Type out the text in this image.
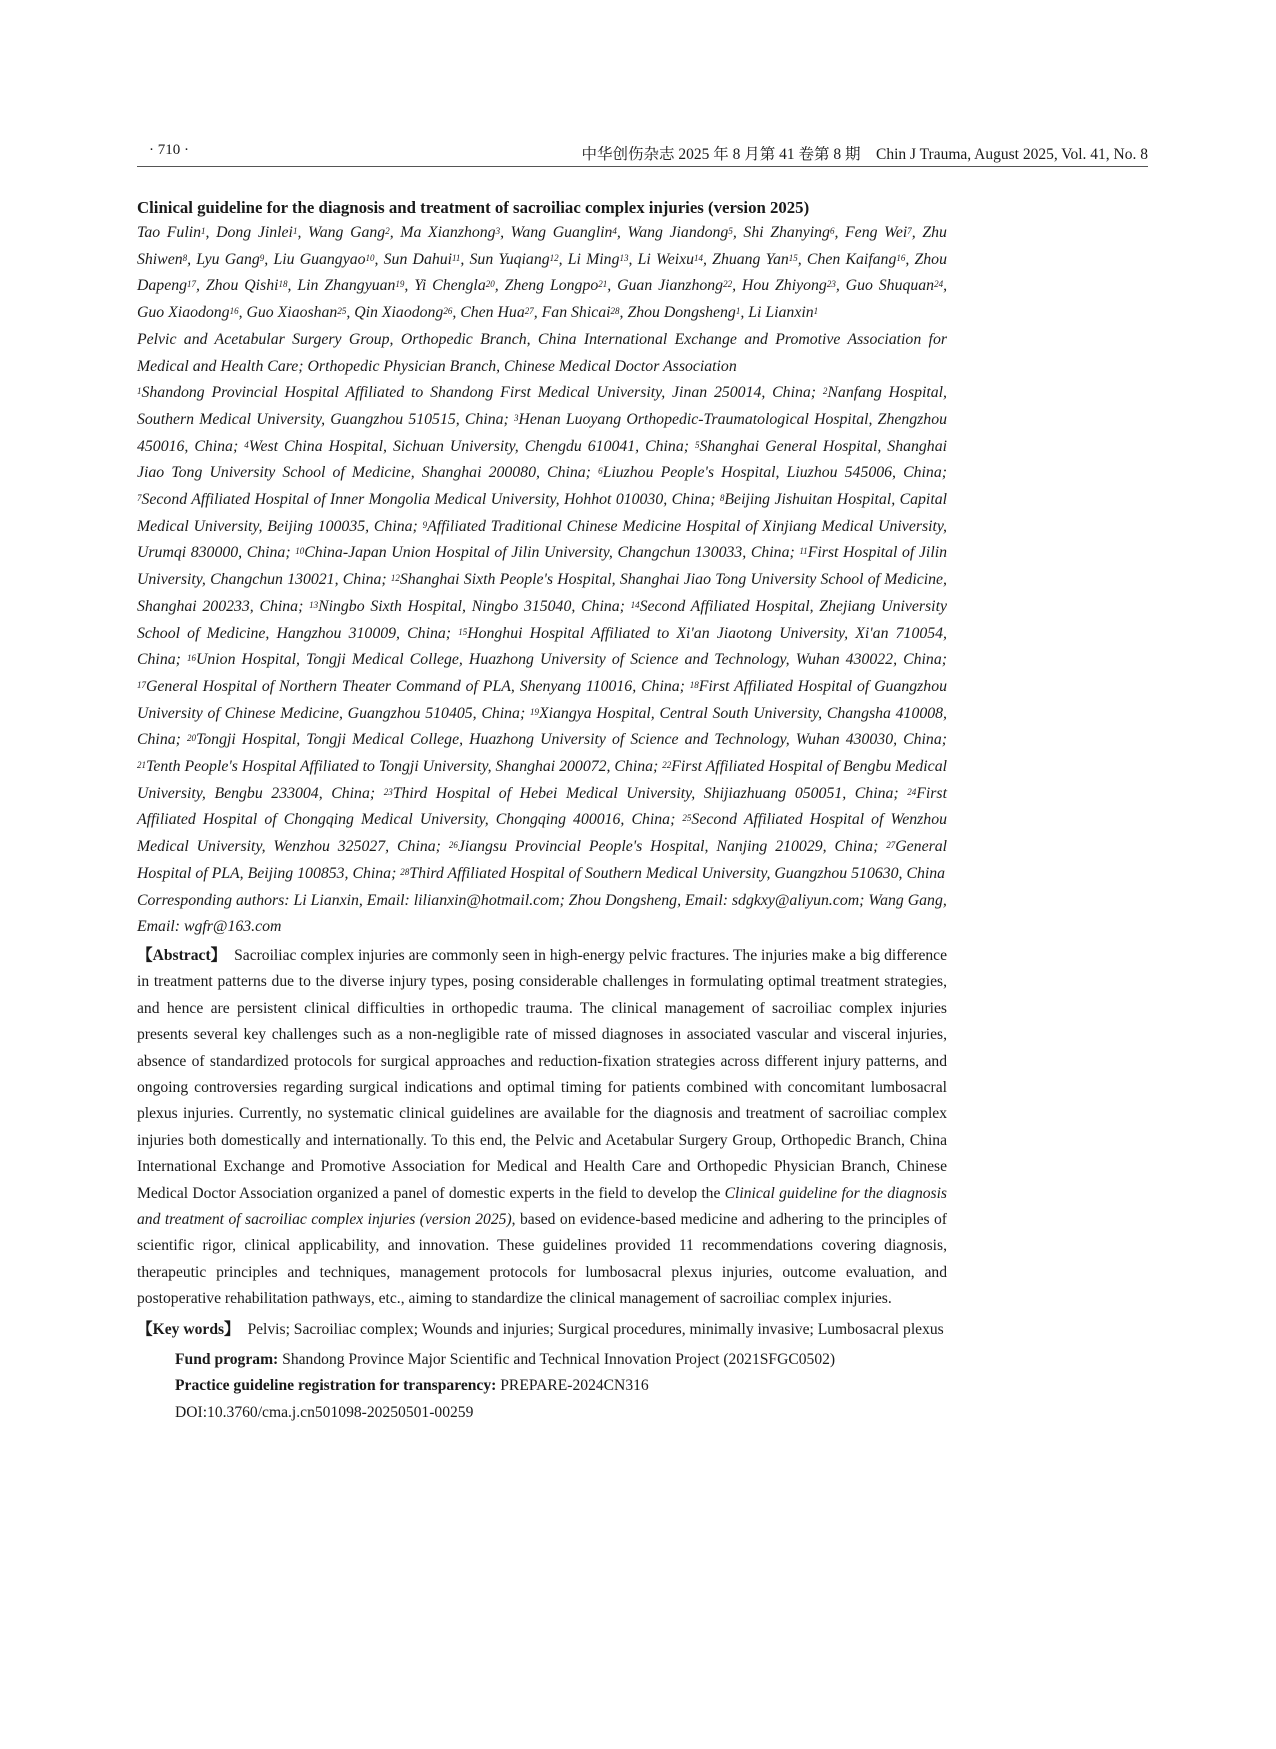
· 710 ·	中华创伤杂志 2025 年 8 月第 41 卷第 8 期　Chin J Trauma, August 2025, Vol. 41, No. 8
Clinical guideline for the diagnosis and treatment of sacroiliac complex injuries (version 2025)
Tao Fulin$^1$, Dong Jinlei$^1$, Wang Gang$^2$, Ma Xianzhong$^3$, Wang Guanglin$^4$, Wang Jiandong$^5$, Shi Zhanying$^6$, Feng Wei$^7$, Zhu Shiwen$^8$, Lyu Gang$^9$, Liu Guangyao$^{10}$, Sun Dahui$^{11}$, Sun Yuqiang$^{12}$, Li Ming$^{13}$, Li Weixu$^{14}$, Zhuang Yan$^{15}$, Chen Kaifang$^{16}$, Zhou Dapeng$^{17}$, Zhou Qishi$^{18}$, Lin Zhangyuan$^{19}$, Yi Chengla$^{20}$, Zheng Longpo$^{21}$, Guan Jianzhong$^{22}$, Hou Zhiyong$^{23}$, Guo Shuquan$^{24}$, Guo Xiaodong$^{16}$, Guo Xiaoshan$^{25}$, Qin Xiaodong$^{26}$, Chen Hua$^{27}$, Fan Shicai$^{28}$, Zhou Dongsheng$^1$, Li Lianxin$^1$
Pelvic and Acetabular Surgery Group, Orthopedic Branch, China International Exchange and Promotive Association for Medical and Health Care; Orthopedic Physician Branch, Chinese Medical Doctor Association
$^1$Shandong Provincial Hospital Affiliated to Shandong First Medical University, Jinan 250014, China; $^2$Nanfang Hospital, Southern Medical University, Guangzhou 510515, China; $^3$Henan Luoyang Orthopedic-Traumatological Hospital, Zhengzhou 450016, China; $^4$West China Hospital, Sichuan University, Chengdu 610041, China; $^5$Shanghai General Hospital, Shanghai Jiao Tong University School of Medicine, Shanghai 200080, China; $^6$Liuzhou People's Hospital, Liuzhou 545006, China; $^7$Second Affiliated Hospital of Inner Mongolia Medical University, Hohhot 010030, China; $^8$Beijing Jishuitan Hospital, Capital Medical University, Beijing 100035, China; $^9$Affiliated Traditional Chinese Medicine Hospital of Xinjiang Medical University, Urumqi 830000, China; $^{10}$China-Japan Union Hospital of Jilin University, Changchun 130033, China; $^{11}$First Hospital of Jilin University, Changchun 130021, China; $^{12}$Shanghai Sixth People's Hospital, Shanghai Jiao Tong University School of Medicine, Shanghai 200233, China; $^{13}$Ningbo Sixth Hospital, Ningbo 315040, China; $^{14}$Second Affiliated Hospital, Zhejiang University School of Medicine, Hangzhou 310009, China; $^{15}$Honghui Hospital Affiliated to Xi'an Jiaotong University, Xi'an 710054, China; $^{16}$Union Hospital, Tongji Medical College, Huazhong University of Science and Technology, Wuhan 430022, China; $^{17}$General Hospital of Northern Theater Command of PLA, Shenyang 110016, China; $^{18}$First Affiliated Hospital of Guangzhou University of Chinese Medicine, Guangzhou 510405, China; $^{19}$Xiangya Hospital, Central South University, Changsha 410008, China; $^{20}$Tongji Hospital, Tongji Medical College, Huazhong University of Science and Technology, Wuhan 430030, China; $^{21}$Tenth People's Hospital Affiliated to Tongji University, Shanghai 200072, China; $^{22}$First Affiliated Hospital of Bengbu Medical University, Bengbu 233004, China; $^{23}$Third Hospital of Hebei Medical University, Shijiazhuang 050051, China; $^{24}$First Affiliated Hospital of Chongqing Medical University, Chongqing 400016, China; $^{25}$Second Affiliated Hospital of Wenzhou Medical University, Wenzhou 325027, China; $^{26}$Jiangsu Provincial People's Hospital, Nanjing 210029, China; $^{27}$General Hospital of PLA, Beijing 100853, China; $^{28}$Third Affiliated Hospital of Southern Medical University, Guangzhou 510630, China
Corresponding authors: Li Lianxin, Email: lilianxin@hotmail.com; Zhou Dongsheng, Email: sdgkxy@aliyun.com; Wang Gang, Email: wgfr@163.com
【Abstract】 Sacroiliac complex injuries are commonly seen in high-energy pelvic fractures. The injuries make a big difference in treatment patterns due to the diverse injury types, posing considerable challenges in formulating optimal treatment strategies, and hence are persistent clinical difficulties in orthopedic trauma. The clinical management of sacroiliac complex injuries presents several key challenges such as a non-negligible rate of missed diagnoses in associated vascular and visceral injuries, absence of standardized protocols for surgical approaches and reduction-fixation strategies across different injury patterns, and ongoing controversies regarding surgical indications and optimal timing for patients combined with concomitant lumbosacral plexus injuries. Currently, no systematic clinical guidelines are available for the diagnosis and treatment of sacroiliac complex injuries both domestically and internationally. To this end, the Pelvic and Acetabular Surgery Group, Orthopedic Branch, China International Exchange and Promotive Association for Medical and Health Care and Orthopedic Physician Branch, Chinese Medical Doctor Association organized a panel of domestic experts in the field to develop the Clinical guideline for the diagnosis and treatment of sacroiliac complex injuries (version 2025), based on evidence-based medicine and adhering to the principles of scientific rigor, clinical applicability, and innovation. These guidelines provided 11 recommendations covering diagnosis, therapeutic principles and techniques, management protocols for lumbosacral plexus injuries, outcome evaluation, and postoperative rehabilitation pathways, etc., aiming to standardize the clinical management of sacroiliac complex injuries.
【Key words】 Pelvis; Sacroiliac complex; Wounds and injuries; Surgical procedures, minimally invasive; Lumbosacral plexus
Fund program: Shandong Province Major Scientific and Technical Innovation Project (2021SFGC0502)
Practice guideline registration for transparency: PREPARE-2024CN316
DOI:10.3760/cma.j.cn501098-20250501-00259
